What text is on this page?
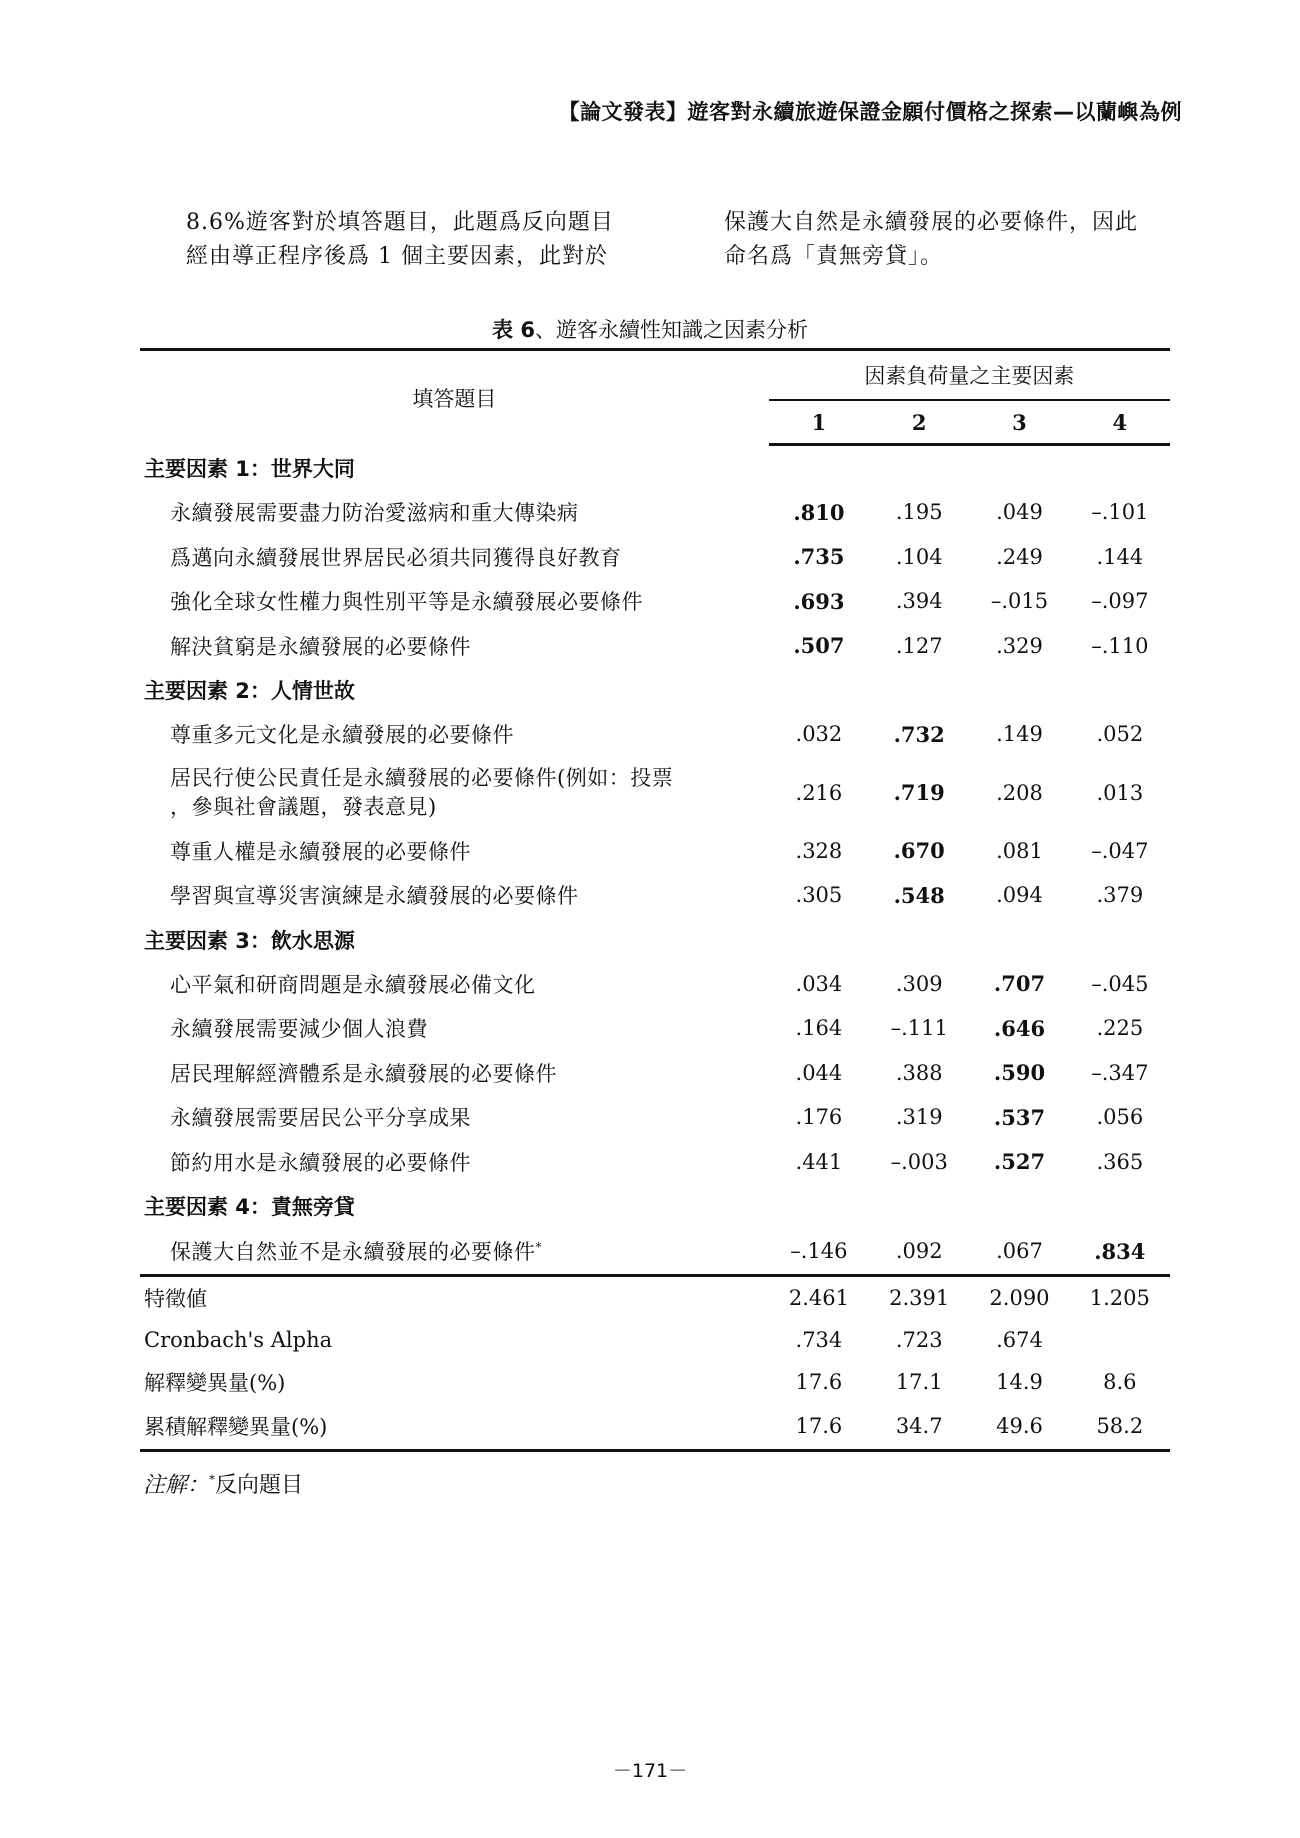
【論文發表】遊客對永續旅遊保證金願付價格之探索—以蘭嶼為例

8.6%遊客對於填答題目，此題爲反向題目

經由導正程序後爲 1 個主要因素，此對於

保護大自然是永續發展的必要條件，因此

命名爲「責無旁貸」。

表 6、遊客永續性知識之因素分析
填答題目	因素負荷量之主要因素			
	1	2	3	4
主要因素 1：世界大同				
永續發展需要盡力防治愛滋病和重大傳染病	.810	.195	.049	–.101
爲邁向永續發展世界居民必須共同獲得良好教育	.735	.104	.249	.144
強化全球女性權力與性別平等是永續發展必要條件	.693	.394	–.015	–.097
解決貧窮是永續發展的必要條件	.507	.127	.329	–.110
主要因素 2：人情世故				
尊重多元文化是永續發展的必要條件	.032	.732	.149	.052
居民行使公民責任是永續發展的必要條件(例如：投票
，參與社會議題，發表意見)	.216	.719	.208	.013
尊重人權是永續發展的必要條件	.328	.670	.081	–.047
學習與宣導災害演練是永續發展的必要條件	.305	.548	.094	.379
主要因素 3：飲水思源				
心平氣和研商問題是永續發展必備文化	.034	.309	.707	–.045
永續發展需要減少個人浪費	.164	–.111	.646	.225
居民理解經濟體系是永續發展的必要條件	.044	.388	.590	–.347
永續發展需要居民公平分享成果	.176	.319	.537	.056
節約用水是永續發展的必要條件	.441	–.003	.527	.365
主要因素 4：責無旁貸				
保護大自然並不是永續發展的必要條件*	–.146	.092	.067	.834
特徵値	2.461	2.391	2.090	1.205
Cronbach's Alpha	.734	.723	.674	
解釋變異量(%)	17.6	17.1	14.9	8.6
累積解釋變異量(%)	17.6	34.7	49.6	58.2
注解：*反向題目
－171－
